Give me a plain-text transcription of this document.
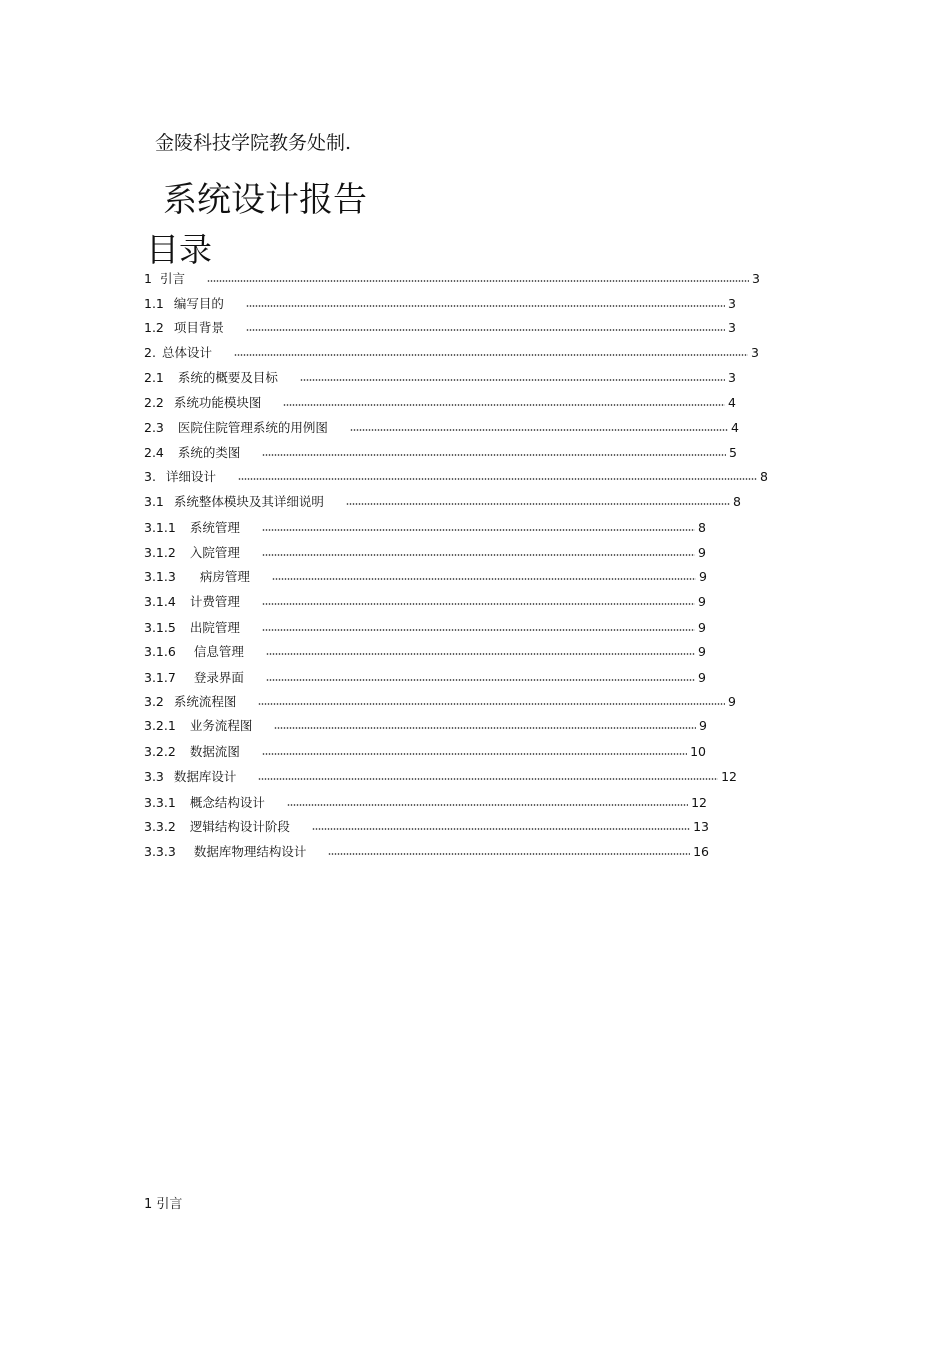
金陵科技学院教务处制.
系统设计报告
目录
1 引言	3
1.1 编写目的	3
1.2 项目背景	3
2. 总体设计	3
2.1 系统的概要及目标	3
2.2 系统功能模块图	4
2.3 医院住院管理系统的用例图	4
2.4 系统的类图	5
3. 详细设计	8
3.1 系统整体模块及其详细说明	8
3.1.1 系统管理	8
3.1.2 入院管理	9
3.1.3 病房管理	9
3.1.4 计费管理	9
3.1.5 出院管理	9
3.1.6 信息管理	9
3.1.7 登录界面	9
3.2 系统流程图	9
3.2.1 业务流程图	9
3.2.2 数据流图	10
3.3 数据库设计	12
3.3.1 概念结构设计	12
3.3.2 逻辑结构设计阶段	13
3.3.3 数据库物理结构设计	16
1 引言
